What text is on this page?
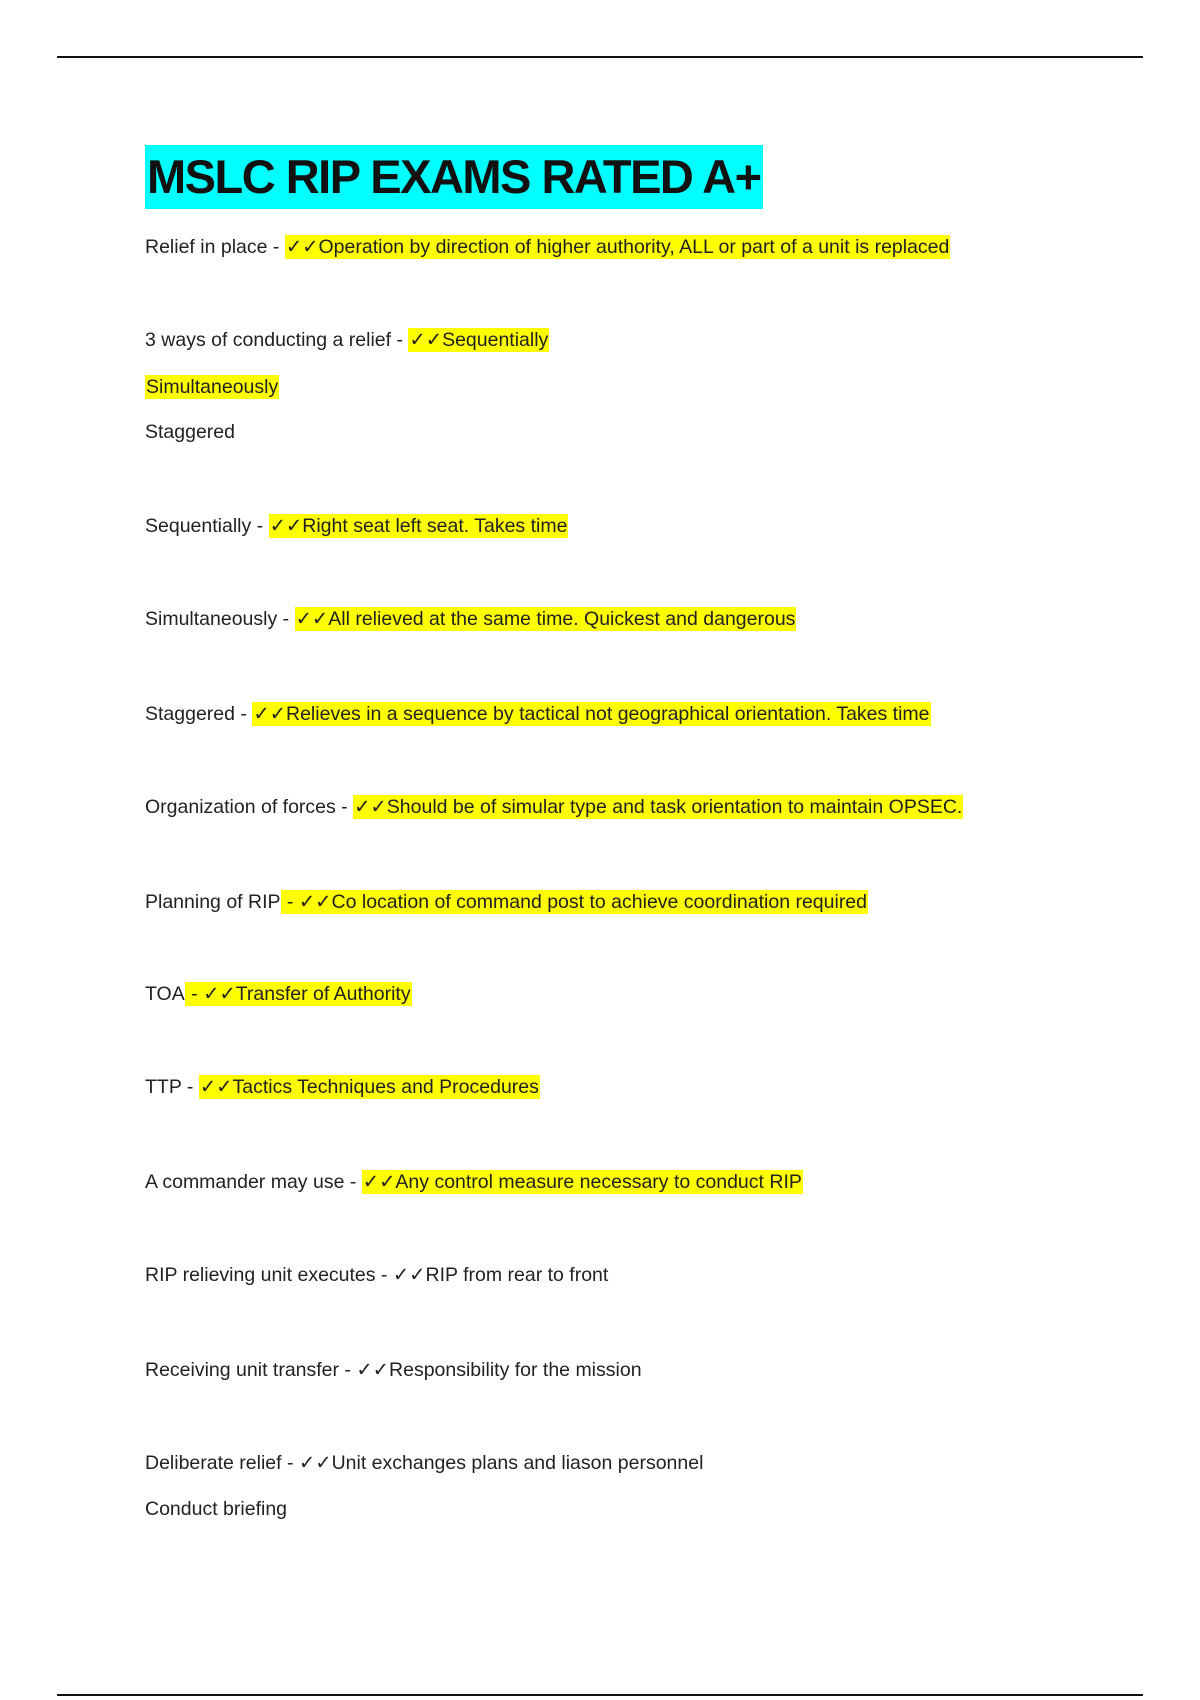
MSLC RIP EXAMS RATED A+
Relief in place - ✓✓Operation by direction of higher authority, ALL or part of a unit is replaced
3 ways of conducting a relief - ✓✓Sequentially
Simultaneously
Staggered
Sequentially - ✓✓Right seat left seat. Takes time
Simultaneously - ✓✓All relieved at the same time. Quickest and dangerous
Staggered - ✓✓Relieves in a sequence by tactical not geographical orientation. Takes time
Organization of forces - ✓✓Should be of simular type and task orientation to maintain OPSEC.
Planning of RIP - ✓✓Co location of command post to achieve coordination required
TOA - ✓✓Transfer of Authority
TTP - ✓✓Tactics Techniques and Procedures
A commander may use - ✓✓Any control measure necessary to conduct RIP
RIP relieving unit executes - ✓✓RIP from rear to front
Receiving unit transfer - ✓✓Responsibility for the mission
Deliberate relief - ✓✓Unit exchanges plans and liason personnel
Conduct briefing
